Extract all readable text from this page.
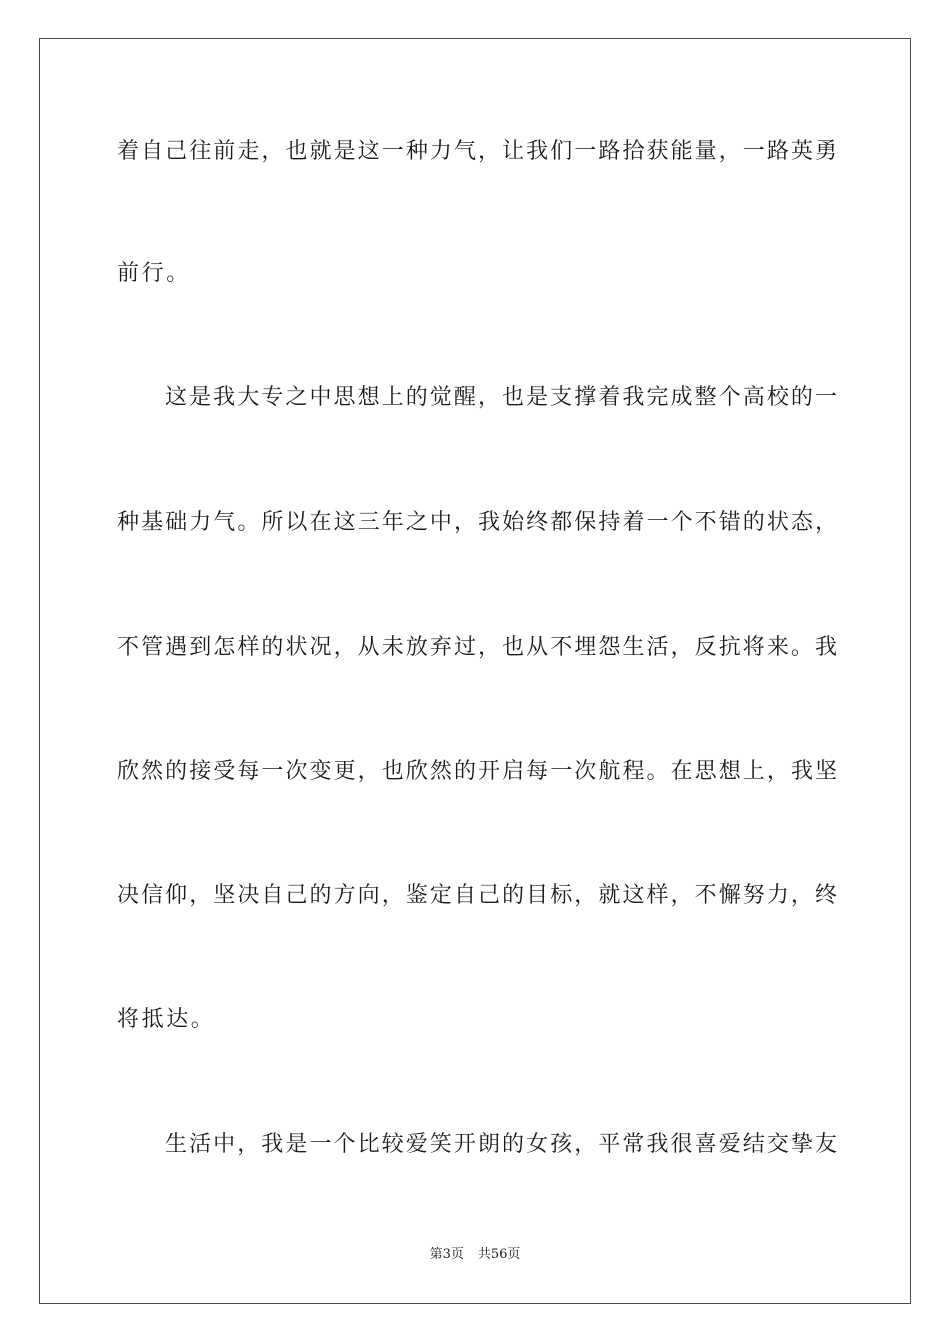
着自己往前走，也就是这一种力气，让我们一路拾获能量，一路英勇
前行。
这是我大专之中思想上的觉醒，也是支撑着我完成整个高校的一
种基础力气。所以在这三年之中，我始终都保持着一个不错的状态，
不管遇到怎样的状况，从未放弃过，也从不埋怨生活，反抗将来。我
欣然的接受每一次变更，也欣然的开启每一次航程。在思想上，我坚
决信仰，坚决自己的方向，鉴定自己的目标，就这样，不懈努力，终
将抵达。
生活中，我是一个比较爱笑开朗的女孩，平常我很喜爱结交挚友
第3页 共56页
